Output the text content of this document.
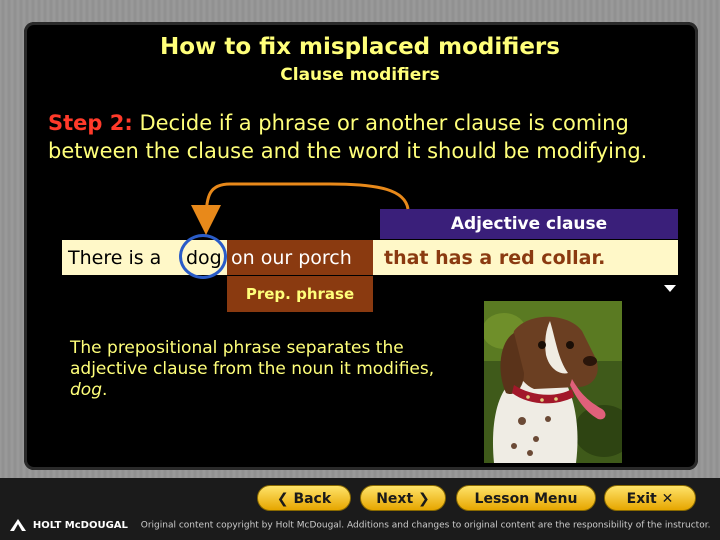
How to fix misplaced modifiers
Clause modifiers
Step 2: Decide if a phrase or another clause is coming between the clause and the word it should be modifying.
Adjective clause
There is a dog on our porch that has a red collar.
Prep. phrase
The prepositional phrase separates the adjective clause from the noun it modifies, dog.
❮ Back	Next ❯	Lesson Menu	Exit ✕
HOLT McDOUGAL Original content copyright by Holt McDougal. Additions and changes to original content are the responsibility of the instructor.
